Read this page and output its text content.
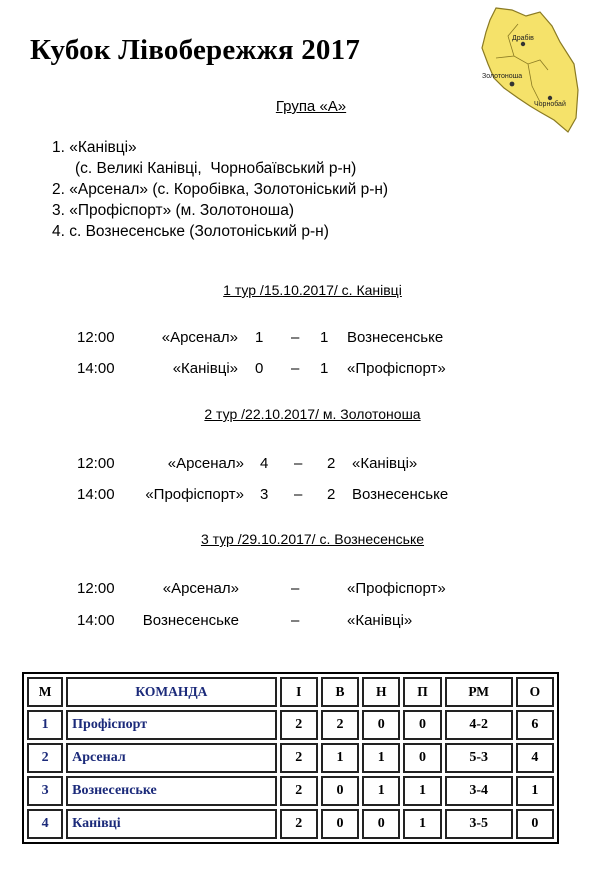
Кубок Лівобережжя 2017	Драбів
Золотоноша
Чорнобай
Група «А»
1. «Канівці»
(с. Великі Канівці,  Чорнобаївський р-н)
2. «Арсенал» (с. Коробівка, Золотоніський р-н)
3. «Профіспорт» (м. Золотоноша)
4. с. Вознесенське (Золотоніський р-н)
1 тур /15.10.2017/ с. Канівці
12:00	«Арсенал» 1 – 1 Вознесенське
14:00	«Канівці» 0 – 1 «Профіспорт»
2 тур /22.10.2017/ м. Золотоноша
12:00	«Арсенал» 4 – 2 «Канівці»
14:00 «Профіспорт» 3 – 2 Вознесенське
3 тур /29.10.2017/ с. Вознесенське
12:00	«Арсенал»	–	«Профіспорт»
14:00 Вознесенське	–	«Канівці»
М	КОМАНДА	І	В	Н	П	РМ	О
1	Профіспорт	2	2	0	0	4-2	6
2	Арсенал	2	1	1	0	5-3	4
3	Вознесенське	2	0	1	1	3-4	1
4	Канівці	2	0	0	1	3-5	0
